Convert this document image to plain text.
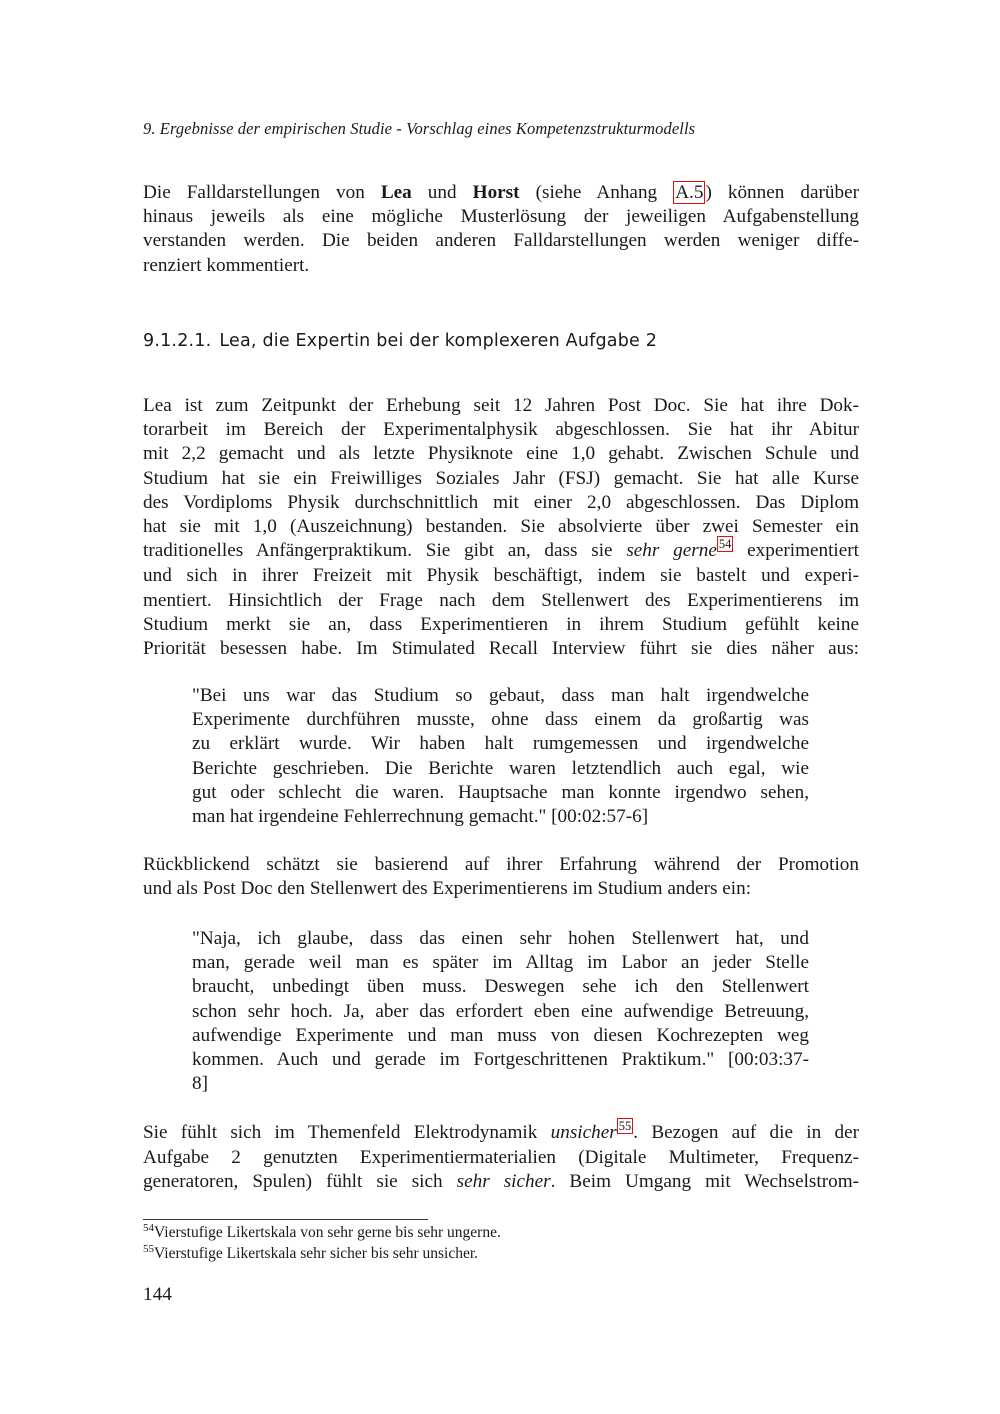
9. Ergebnisse der empirischen Studie - Vorschlag eines Kompetenzstrukturmodells
Die Falldarstellungen von Lea und Horst (siehe Anhang A.5 ) können darüber
hinaus jeweils als eine mögliche Musterlösung der jeweiligen Aufgabenstellung
verstanden werden. Die beiden anderen Falldarstellungen werden weniger diffe-
renziert kommentiert.
9.1.2.1. Lea, die Expertin bei der komplexeren Aufgabe 2
Lea ist zum Zeitpunkt der Erhebung seit 12 Jahren Post Doc. Sie hat ihre Dok-
torarbeit im Bereich der Experimentalphysik abgeschlossen. Sie hat ihr Abitur
mit 2,2 gemacht und als letzte Physiknote eine 1,0 gehabt. Zwischen Schule und
Studium hat sie ein Freiwilliges Soziales Jahr (FSJ) gemacht. Sie hat alle Kurse
des Vordiploms Physik durchschnittlich mit einer 2,0 abgeschlossen. Das Diplom
hat sie mit 1,0 (Auszeichnung) bestanden. Sie absolvierte über zwei Semester ein
traditionelles Anfängerpraktikum. Sie gibt an, dass sie sehr gerne $^{54}$ experimentiert
und sich in ihrer Freizeit mit Physik beschäftigt, indem sie bastelt und experi-
mentiert. Hinsichtlich der Frage nach dem Stellenwert des Experimentierens im
Studium merkt sie an, dass Experimentieren in ihrem Studium gefühlt keine
Priorität besessen habe. Im Stimulated Recall Interview führt sie dies näher aus:
"Bei uns war das Studium so gebaut, dass man halt irgendwelche
Experimente durchführen musste, ohne dass einem da großartig was
zu erklärt wurde. Wir haben halt rumgemessen und irgendwelche
Berichte geschrieben. Die Berichte waren letztendlich auch egal, wie
gut oder schlecht die waren. Hauptsache man konnte irgendwo sehen,
man hat irgendeine Fehlerrechnung gemacht." [00:02:57-6]
Rückblickend schätzt sie basierend auf ihrer Erfahrung während der Promotion
und als Post Doc den Stellenwert des Experimentierens im Studium anders ein:
"Naja, ich glaube, dass das einen sehr hohen Stellenwert hat, und
man, gerade weil man es später im Alltag im Labor an jeder Stelle
braucht, unbedingt üben muss. Deswegen sehe ich den Stellenwert
schon sehr hoch. Ja, aber das erfordert eben eine aufwendige Betreuung,
aufwendige Experimente und man muss von diesen Kochrezepten weg
kommen. Auch und gerade im Fortgeschrittenen Praktikum." [00:03:37-
8]
Sie fühlt sich im Themenfeld Elektrodynamik unsicher $^{55}$ . Bezogen auf die in der
Aufgabe 2 genutzten Experimentiermaterialien (Digitale Multimeter, Frequenz-
generatoren, Spulen) fühlt sie sich sehr sicher. Beim Umgang mit Wechselstrom-
$^{54}$Vierstufige Likertskala von sehr gerne bis sehr ungerne.
$^{55}$Vierstufige Likertskala sehr sicher bis sehr unsicher.
144
